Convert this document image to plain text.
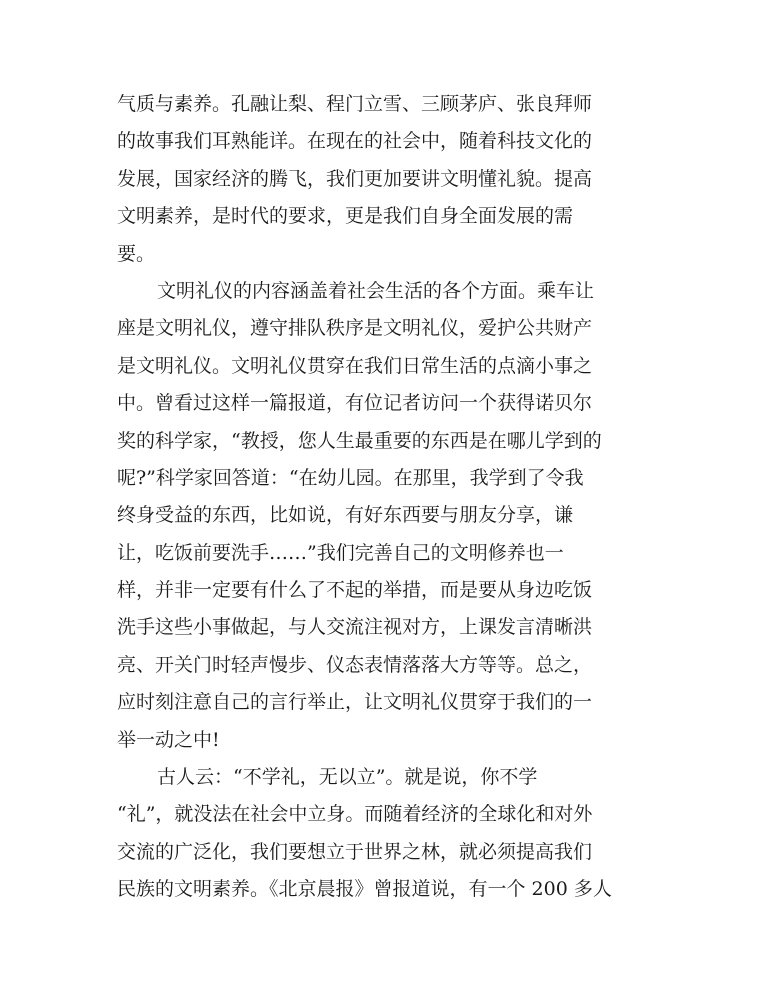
气质与素养。孔融让梨、程门立雪、三顾茅庐、张良拜师
的故事我们耳熟能详。在现在的社会中，随着科技文化的
发展，国家经济的腾飞，我们更加要讲文明懂礼貌。提高
文明素养，是时代的要求，更是我们自身全面发展的需
要。
文明礼仪的内容涵盖着社会生活的各个方面。乘车让
座是文明礼仪，遵守排队秩序是文明礼仪，爱护公共财产
是文明礼仪。文明礼仪贯穿在我们日常生活的点滴小事之
中。曾看过这样一篇报道，有位记者访问一个获得诺贝尔
奖的科学家，“教授，您人生最重要的东西是在哪儿学到的
呢?”科学家回答道：“在幼儿园。在那里，我学到了令我
终身受益的东西，比如说，有好东西要与朋友分享，谦
让，吃饭前要洗手……”我们完善自己的文明修养也一
样，并非一定要有什么了不起的举措，而是要从身边吃饭
洗手这些小事做起，与人交流注视对方，上课发言清晰洪
亮、开关门时轻声慢步、仪态表情落落大方等等。总之，
应时刻注意自己的言行举止，让文明礼仪贯穿于我们的一
举一动之中!
古人云：“不学礼，无以立”。就是说，你不学
“礼”，就没法在社会中立身。而随着经济的全球化和对外
交流的广泛化，我们要想立于世界之林，就必须提高我们
民族的文明素养。《北京晨报》曾报道说，有一个 200 多人
